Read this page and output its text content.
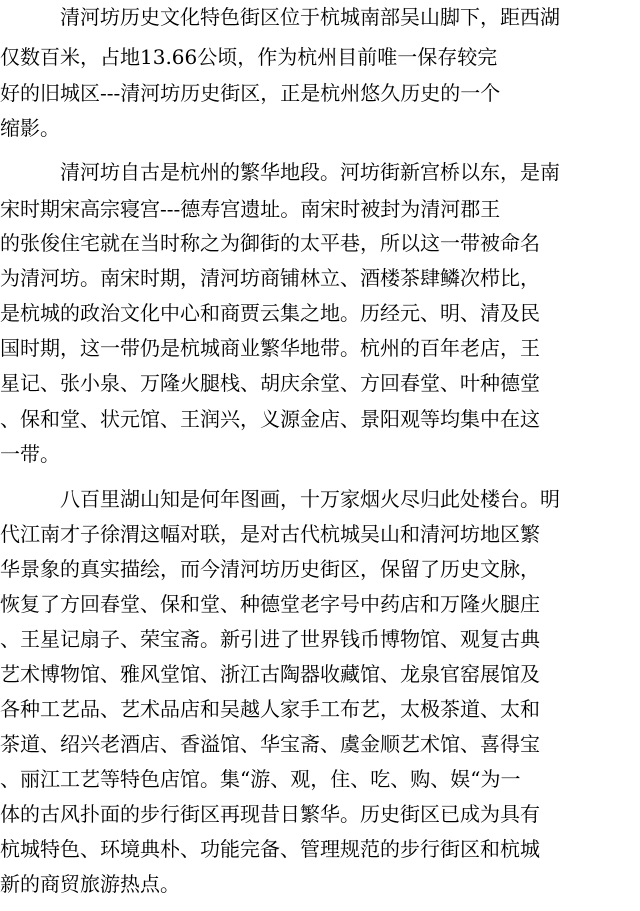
清河坊历史文化特色街区位于杭城南部吴山脚下，距西湖
仅数百米，占地13.66公顷，作为杭州目前唯一保存较完
好的旧城区---清河坊历史街区，正是杭州悠久历史的一个
缩影。
清河坊自古是杭州的繁华地段。河坊街新宫桥以东，是南
宋时期宋高宗寝宫---德寿宫遗址。南宋时被封为清河郡王
的张俊住宅就在当时称之为御街的太平巷，所以这一带被命名
为清河坊。南宋时期，清河坊商铺林立、酒楼茶肆鳞次栉比，
是杭城的政治文化中心和商贾云集之地。历经元、明、清及民
国时期，这一带仍是杭城商业繁华地带。杭州的百年老店，王
星记、张小泉、万隆火腿栈、胡庆余堂、方回春堂、叶种德堂
、保和堂、状元馆、王润兴，义源金店、景阳观等均集中在这
一带。
八百里湖山知是何年图画，十万家烟火尽归此处楼台。明
代江南才子徐渭这幅对联，是对古代杭城吴山和清河坊地区繁
华景象的真实描绘，而今清河坊历史街区，保留了历史文脉，
恢复了方回春堂、保和堂、种德堂老字号中药店和万隆火腿庄
、王星记扇子、荣宝斋。新引进了世界钱币博物馆、观复古典
艺术博物馆、雅风堂馆、浙江古陶器收藏馆、龙泉官窑展馆及
各种工艺品、艺术品店和吴越人家手工布艺，太极茶道、太和
茶道、绍兴老酒店、香溢馆、华宝斋、虞金顺艺术馆、喜得宝
、丽江工艺等特色店馆。集“游、观，住、吃、购、娱“为一
体的古风扑面的步行街区再现昔日繁华。历史街区已成为具有
杭城特色、环境典朴、功能完备、管理规范的步行街区和杭城
新的商贸旅游热点。
